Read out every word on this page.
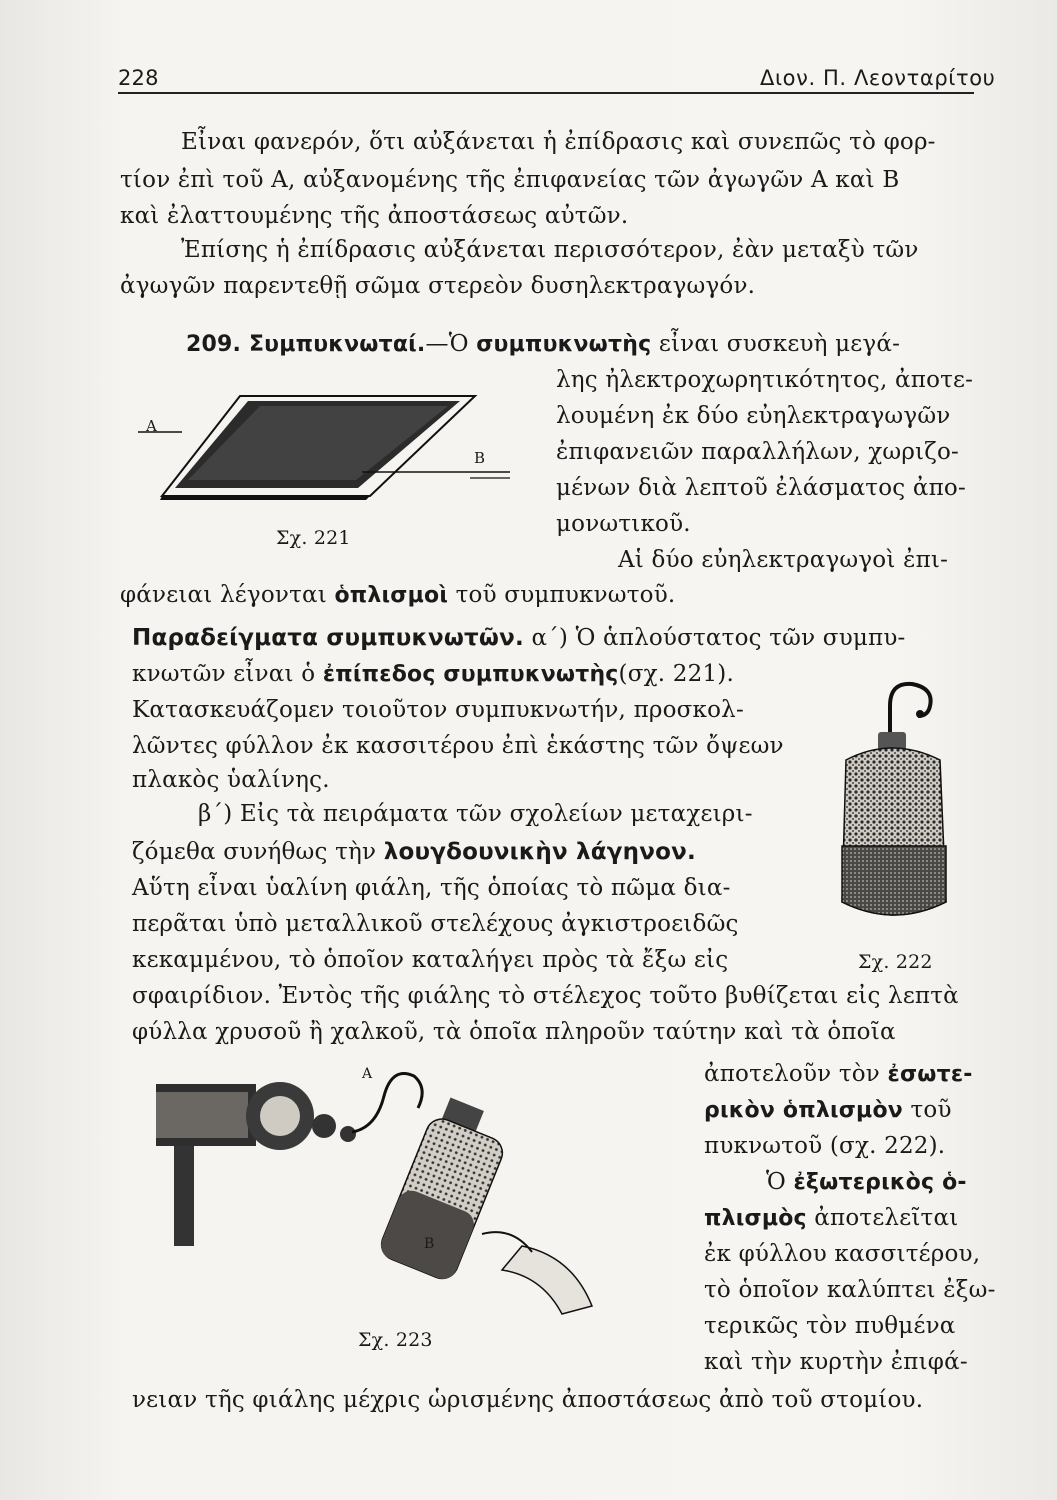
228	Διον. Π. Λεονταρίτου
Εἶναι φανερόν, ὅτι αὐξάνεται ἡ ἐπίδρασις καὶ συνεπῶς τὸ φορ-
τίον ἐπὶ τοῦ Α, αὐξανομένης τῆς ἐπιφανείας τῶν ἀγωγῶν Α καὶ Β
καὶ ἐλαττουμένης τῆς ἀποστάσεως αὐτῶν.
Ἐπίσης ἡ ἐπίδρασις αὐξάνεται περισσότερον, ἐὰν μεταξὺ τῶν
ἀγωγῶν παρεντεθῇ σῶμα στερεὸν δυσηλεκτραγωγόν.
209. Συμπυκνωταί.—Ὁ συμπυκνωτὴς εἶναι συσκευὴ μεγά-
λης ἠλεκτροχωρητικότητος, ἀποτε-
λουμένη ἐκ δύο εὐηλεκτραγωγῶν
ἐπιφανειῶν παραλλήλων, χωριζο-
μένων διὰ λεπτοῦ ἐλάσματος ἀπο-
μονωτικοῦ.
Αἱ δύο εὐηλεκτραγωγοὶ ἐπι-
φάνειαι λέγονται ὁπλισμοὶ τοῦ συμπυκνωτοῦ.
A
B
Σχ. 221
Παραδείγματα συμπυκνωτῶν. α΄) Ὁ ἁπλούστατος τῶν συμπυ-
κνωτῶν εἶναι ὁ ἐπίπεδος συμπυκνωτὴς(σχ. 221).
Κατασκευάζομεν τοιοῦτον συμπυκνωτήν, προσκολ-
λῶντες φύλλον ἐκ κασσιτέρου ἐπὶ ἑκάστης τῶν ὄψεων
πλακὸς ὑαλίνης.
β΄) Εἰς τὰ πειράματα τῶν σχολείων μεταχειρι-
ζόμεθα συνήθως τὴν λουγδουνικὴν λάγηνον.
Αὕτη εἶναι ὑαλίνη φιάλη, τῆς ὁποίας τὸ πῶμα δια-
περᾶται ὑπὸ μεταλλικοῦ στελέχους ἀγκιστροειδῶς
κεκαμμένου, τὸ ὁποῖον καταλήγει πρὸς τὰ ἔξω εἰς
σφαιρίδιον. Ἐντὸς τῆς φιάλης τὸ στέλεχος τοῦτο βυθίζεται εἰς λεπτὰ
φύλλα χρυσοῦ ἢ χαλκοῦ, τὰ ὁποῖα πληροῦν ταύτην καὶ τὰ ὁποῖα
Σχ. 222
A
B
Σχ. 223
ἀποτελοῦν τὸν ἐσωτε-
ρικὸν ὁπλισμὸν τοῦ
πυκνωτοῦ (σχ. 222).
Ὁ ἐξωτερικὸς ὁ-
πλισμὸς ἀποτελεῖται
ἐκ φύλλου κασσιτέρου,
τὸ ὁποῖον καλύπτει ἐξω-
τερικῶς τὸν πυθμένα
καὶ τὴν κυρτὴν ἐπιφά-
νειαν τῆς φιάλης μέχρις ὡρισμένης ἀποστάσεως ἀπὸ τοῦ στομίου.
